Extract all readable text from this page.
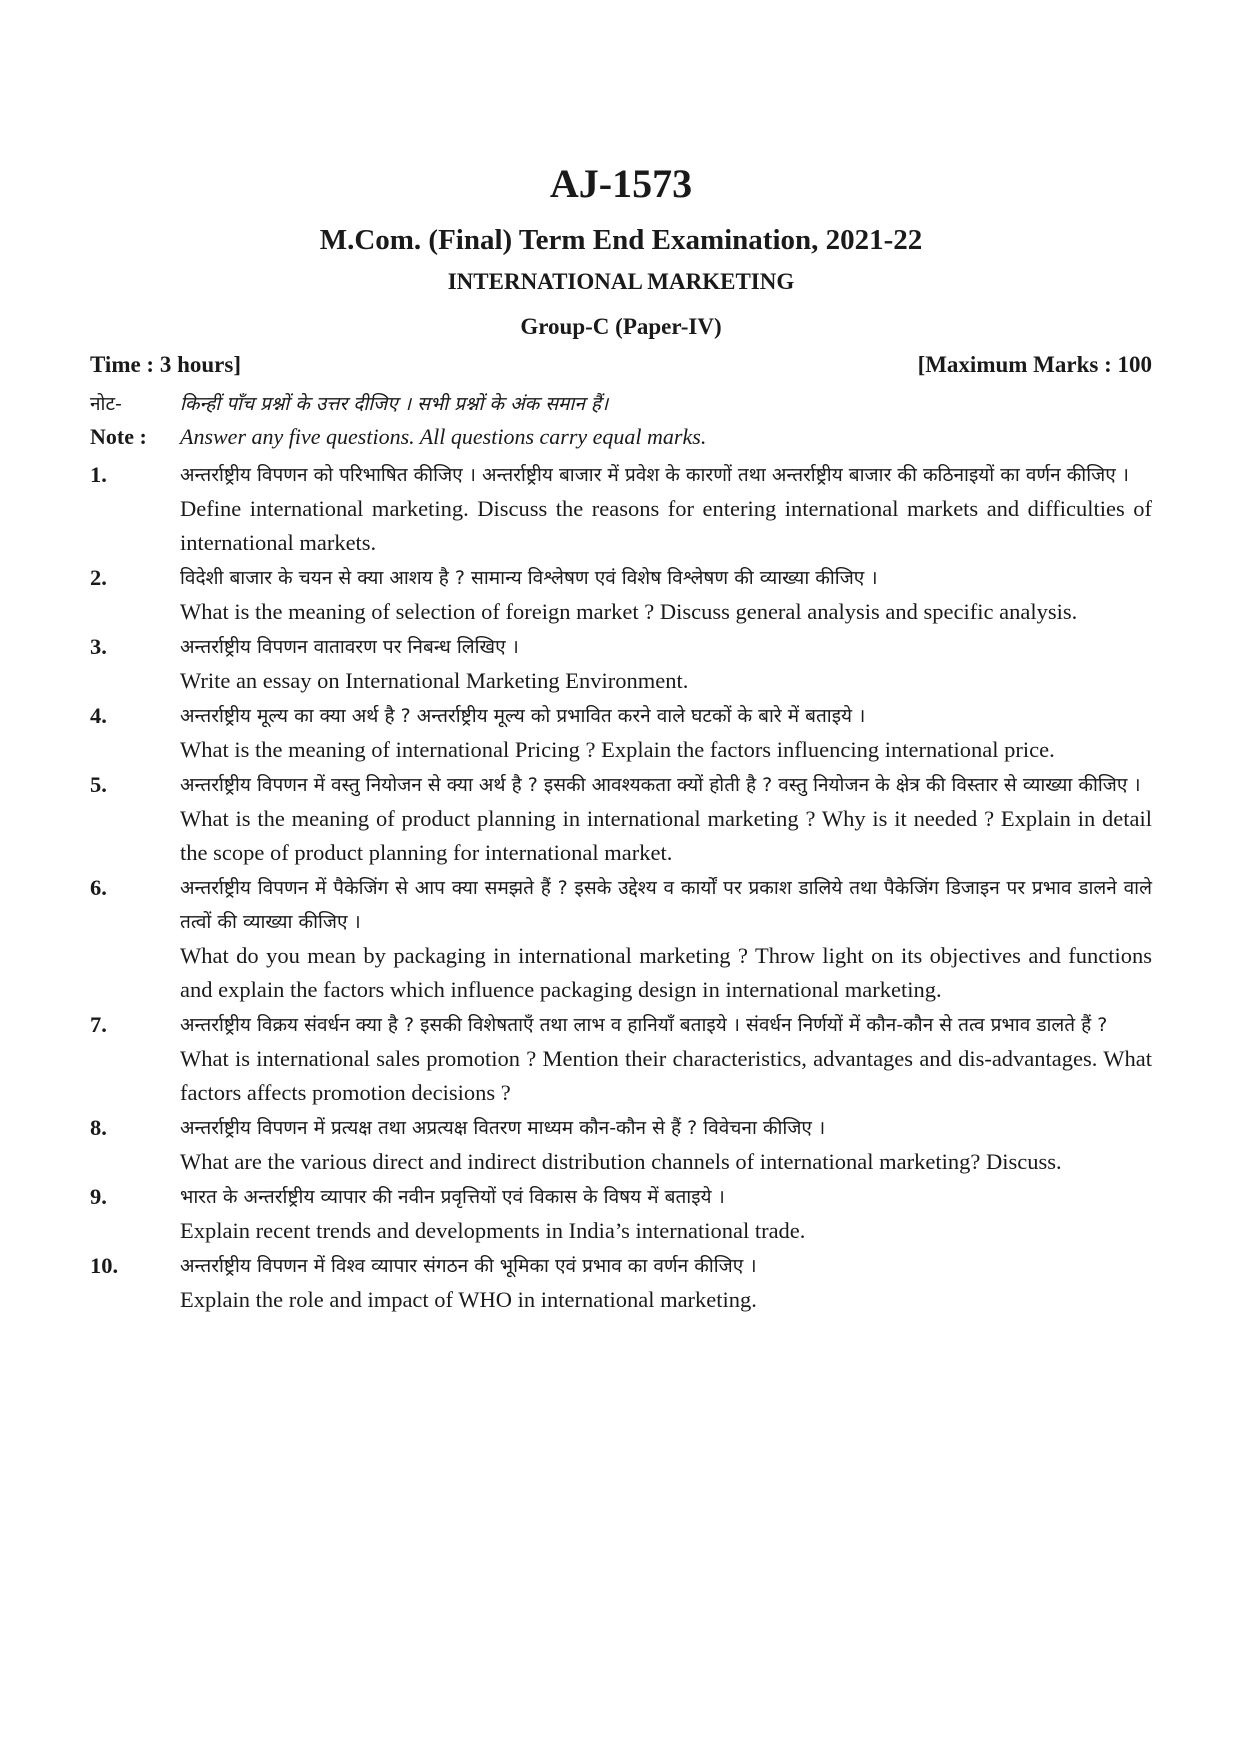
AJ-1573
M.Com. (Final) Term End Examination, 2021-22
INTERNATIONAL MARKETING
Group-C (Paper-IV)
Time : 3 hours]	[Maximum Marks : 100
नोट-	किन्हीं पाँच प्रश्नों के उत्तर दीजिए । सभी प्रश्नों के अंक समान हैं।
Note : Answer any five questions. All questions carry equal marks.
1.	अन्तर्राष्ट्रीय विपणन को परिभाषित कीजिए । अन्तर्राष्ट्रीय बाजार में प्रवेश के कारणों तथा अन्तर्राष्ट्रीय बाजार की कठिनाइयों का वर्णन कीजिए ।
Define international marketing. Discuss the reasons for entering international markets and difficulties of international markets.
2.	विदेशी बाजार के चयन से क्या आशय है ? सामान्य विश्लेषण एवं विशेष विश्लेषण की व्याख्या कीजिए ।
What is the meaning of selection of foreign market ? Discuss general analysis and specific analysis.
3.	अन्तर्राष्ट्रीय विपणन वातावरण पर निबन्ध लिखिए ।
Write an essay on International Marketing Environment.
4.	अन्तर्राष्ट्रीय मूल्य का क्या अर्थ है ? अन्तर्राष्ट्रीय मूल्य को प्रभावित करने वाले घटकों के बारे में बताइये ।
What is the meaning of international Pricing ? Explain the factors influencing international price.
5.	अन्तर्राष्ट्रीय विपणन में वस्तु नियोजन से क्या अर्थ है ? इसकी आवश्यकता क्यों होती है ? वस्तु नियोजन के क्षेत्र की विस्तार से व्याख्या कीजिए ।
What is the meaning of product planning in international marketing ? Why is it needed ? Explain in detail the scope of product planning for international market.
6.	अन्तर्राष्ट्रीय विपणन में पैकेजिंग से आप क्या समझते हैं ? इसके उद्देश्य व कार्यों पर प्रकाश डालिये तथा पैकेजिंग डिजाइन पर प्रभाव डालने वाले तत्वों की व्याख्या कीजिए ।
What do you mean by packaging in international marketing ? Throw light on its objectives and functions and explain the factors which influence packaging design in international marketing.
7.	अन्तर्राष्ट्रीय विक्रय संवर्धन क्या है ? इसकी विशेषताएँ तथा लाभ व हानियाँ बताइये । संवर्धन निर्णयों में कौन-कौन से तत्व प्रभाव डालते हैं ?
What is international sales promotion ? Mention their characteristics, advantages and dis-advantages. What factors affects promotion decisions ?
8.	अन्तर्राष्ट्रीय विपणन में प्रत्यक्ष तथा अप्रत्यक्ष वितरण माध्यम कौन-कौन से हैं ? विवेचना कीजिए ।
What are the various direct and indirect distribution channels of international marketing? Discuss.
9.	भारत के अन्तर्राष्ट्रीय व्यापार की नवीन प्रवृत्तियों एवं विकास के विषय में बताइये ।
Explain recent trends and developments in India’s international trade.
10.	अन्तर्राष्ट्रीय विपणन में विश्व व्यापार संगठन की भूमिका एवं प्रभाव का वर्णन कीजिए ।
Explain the role and impact of WHO in international marketing.
